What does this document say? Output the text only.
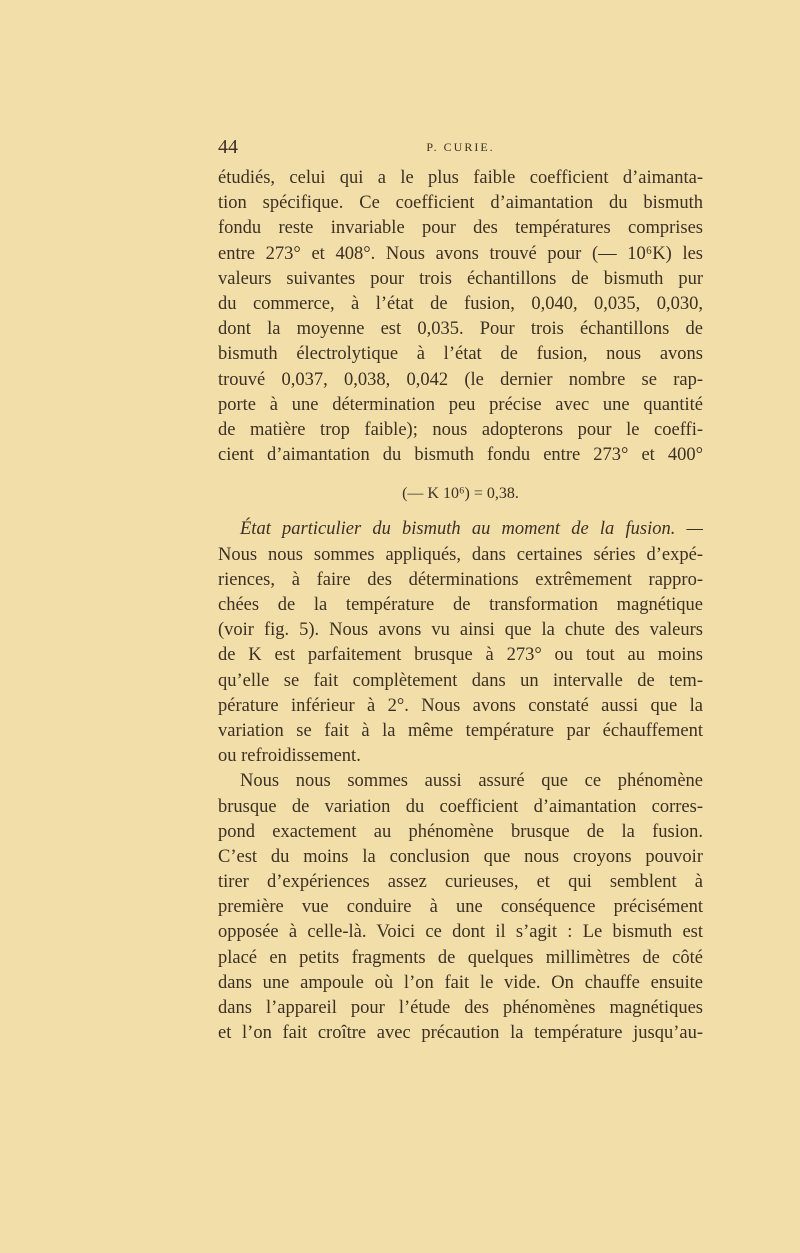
44	P. CURIE.
étudiés, celui qui a le plus faible coefficient d’aimanta-
tion spécifique. Ce coefficient d’aimantation du bismuth
fondu reste invariable pour des températures comprises
entre 273° et 408°. Nous avons trouvé pour (— 10⁶K) les
valeurs suivantes pour trois échantillons de bismuth pur
du commerce, à l’état de fusion, 0,040, 0,035, 0,030,
dont la moyenne est 0,035. Pour trois échantillons de
bismuth électrolytique à l’état de fusion, nous avons
trouvé 0,037, 0,038, 0,042 (le dernier nombre se rap-
porte à une détermination peu précise avec une quantité
de matière trop faible); nous adopterons pour le coeffi-
cient d’aimantation du bismuth fondu entre 273° et 400°
(— K 10⁶) = 0,38.
État particulier du bismuth au moment de la fusion. —
Nous nous sommes appliqués, dans certaines séries d’expé-
riences, à faire des déterminations extrêmement rappro-
chées de la température de transformation magnétique
(voir fig. 5). Nous avons vu ainsi que la chute des valeurs
de K est parfaitement brusque à 273° ou tout au moins
qu’elle se fait complètement dans un intervalle de tem-
pérature inférieur à 2°. Nous avons constaté aussi que la
variation se fait à la même température par échauffement
ou refroidissement.
Nous nous sommes aussi assuré que ce phénomène
brusque de variation du coefficient d’aimantation corres-
pond exactement au phénomène brusque de la fusion.
C’est du moins la conclusion que nous croyons pouvoir
tirer d’expériences assez curieuses, et qui semblent à
première vue conduire à une conséquence précisément
opposée à celle-là. Voici ce dont il s’agit : Le bismuth est
placé en petits fragments de quelques millimètres de côté
dans une ampoule où l’on fait le vide. On chauffe ensuite
dans l’appareil pour l’étude des phénomènes magnétiques
et l’on fait croître avec précaution la température jusqu’au-
